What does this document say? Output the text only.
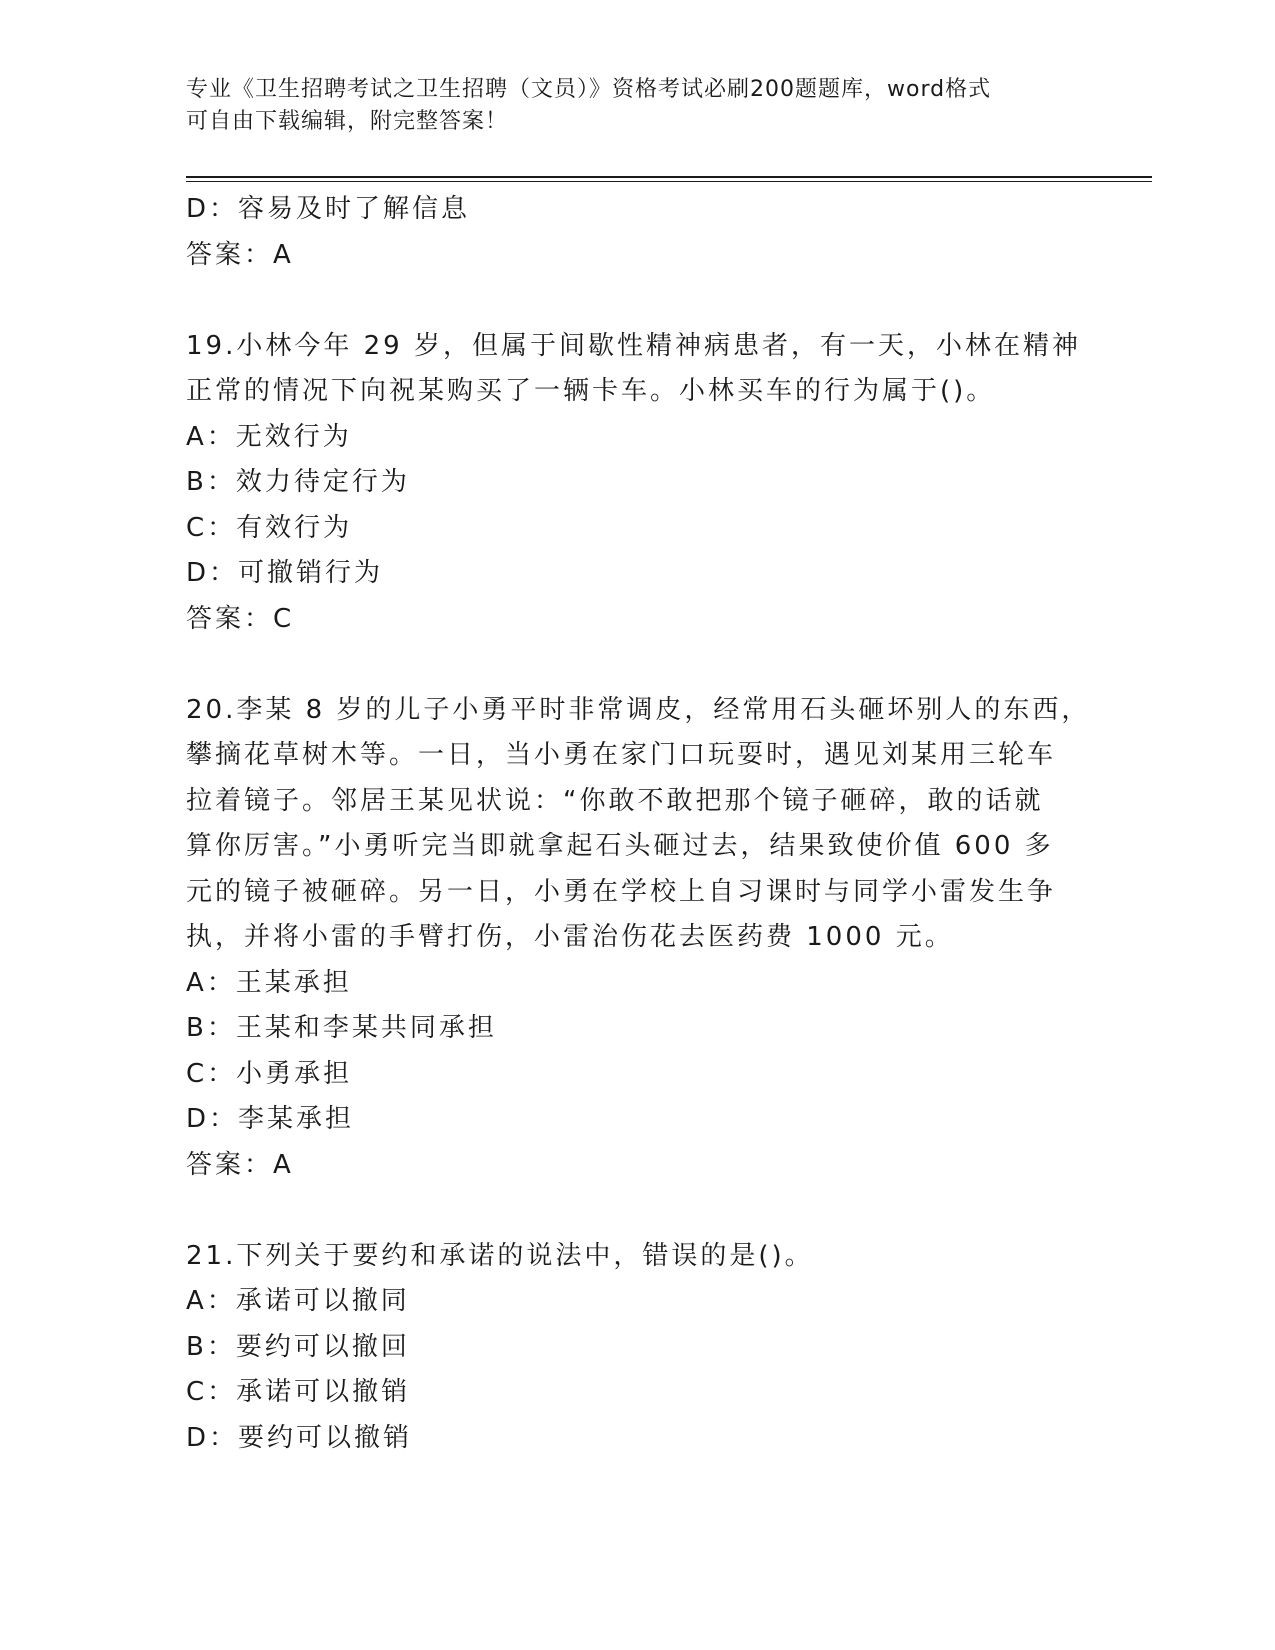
专业《卫生招聘考试之卫生招聘（文员）》资格考试必刷200题题库，word格式
可自由下载编辑，附完整答案！
D：容易及时了解信息
答案：A
19.小林今年 29 岁，但属于间歇性精神病患者，有一天，小林在精神
正常的情况下向祝某购买了一辆卡车。小林买车的行为属于()。
A：无效行为
B：效力待定行为
C：有效行为
D：可撤销行为
答案：C
20.李某 8 岁的儿子小勇平时非常调皮，经常用石头砸坏别人的东西，
攀摘花草树木等。一日，当小勇在家门口玩耍时，遇见刘某用三轮车
拉着镜子。邻居王某见状说：“你敢不敢把那个镜子砸碎，敢的话就
算你厉害。”小勇听完当即就拿起石头砸过去，结果致使价值 600 多
元的镜子被砸碎。另一日，小勇在学校上自习课时与同学小雷发生争
执，并将小雷的手臂打伤，小雷治伤花去医药费 1000 元。
A：王某承担
B：王某和李某共同承担
C：小勇承担
D：李某承担
答案：A
21.下列关于要约和承诺的说法中，错误的是()。
A：承诺可以撤同
B：要约可以撤回
C：承诺可以撤销
D：要约可以撤销
